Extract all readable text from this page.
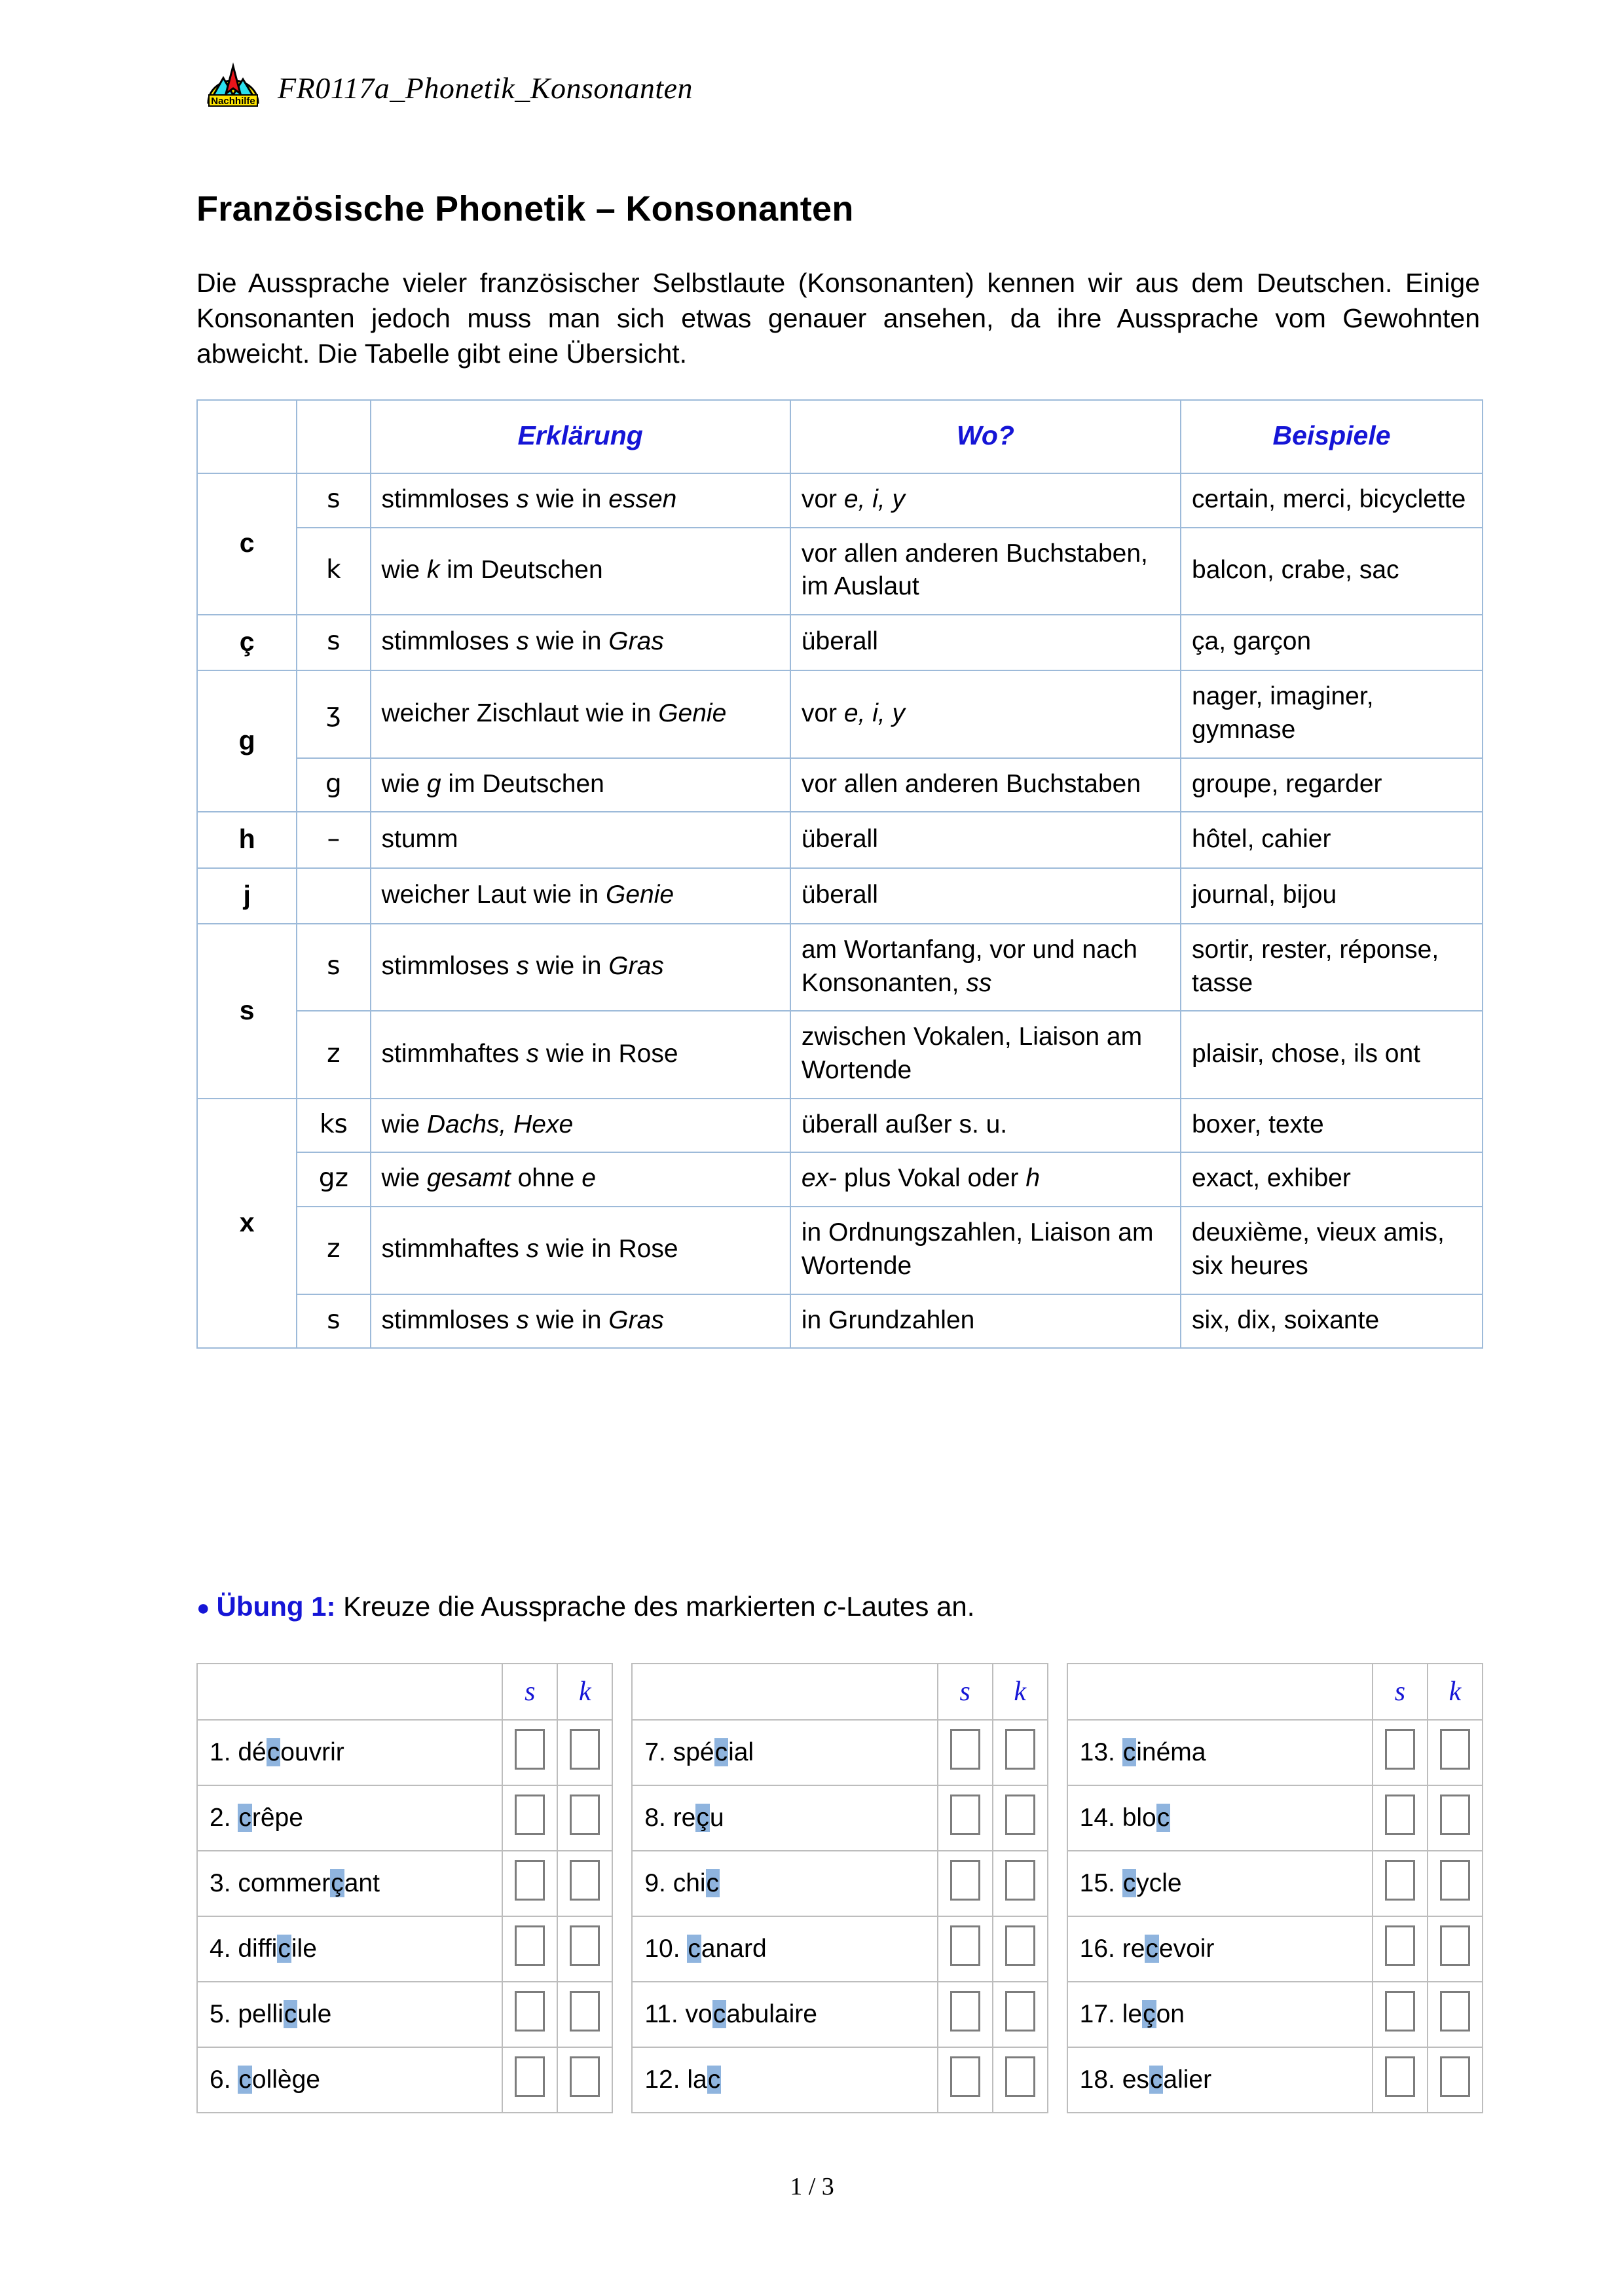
Nachhilfe FR0117a_Phonetik_Konsonanten
Französische Phonetik – Konsonanten
Die Aussprache vieler französischer Selbstlaute (Konsonanten) kennen wir aus dem Deutschen. Einige Konsonanten jedoch muss man sich etwas genauer ansehen, da ihre Aussprache vom Gewohnten abweicht. Die Tabelle gibt eine Übersicht.
		Erklärung	Wo?	Beispiele
c	s	stimmloses s wie in essen	vor e, i, y	certain, merci, bicyclette
	k	wie k im Deutschen	vor allen anderen Buchstaben, im Auslaut	balcon, crabe, sac
ç	s	stimmloses s wie in Gras	überall	ça, garçon
g	ʒ	weicher Zischlaut wie in Genie	vor e, i, y	nager, imaginer, gymnase
	g	wie g im Deutschen	vor allen anderen Buchstaben	groupe, regarder
h	–	stumm	überall	hôtel, cahier
j		weicher Laut wie in Genie	überall	journal, bijou
s	s	stimmloses s wie in Gras	am Wortanfang, vor und nach Konsonanten, ss	sortir, rester, réponse, tasse
	z	stimmhaftes s wie in Rose	zwischen Vokalen, Liaison am Wortende	plaisir, chose, ils ont
x	ks	wie Dachs, Hexe	überall außer s. u.	boxer, texte
	gz	wie gesamt ohne e	ex- plus Vokal oder h	exact, exhiber
	z	stimmhaftes s wie in Rose	in Ordnungszahlen, Liaison am Wortende	deuxième, vieux amis, six heures
	s	stimmloses s wie in Gras	in Grundzahlen	six, dix, soixante
● Übung 1: Kreuze die Aussprache des markierten c-Lautes an.
	s	k
1. découvrir		
2. crêpe		
3. commerçant		
4. difficile		
5. pellicule		
6. collège		
	s	k
7. spécial		
8. reçu		
9. chic		
10. canard		
11. vocabulaire		
12. lac		
	s	k
13. cinéma		
14. bloc		
15. cycle		
16. recevoir		
17. leçon		
18. escalier		
1 / 3
